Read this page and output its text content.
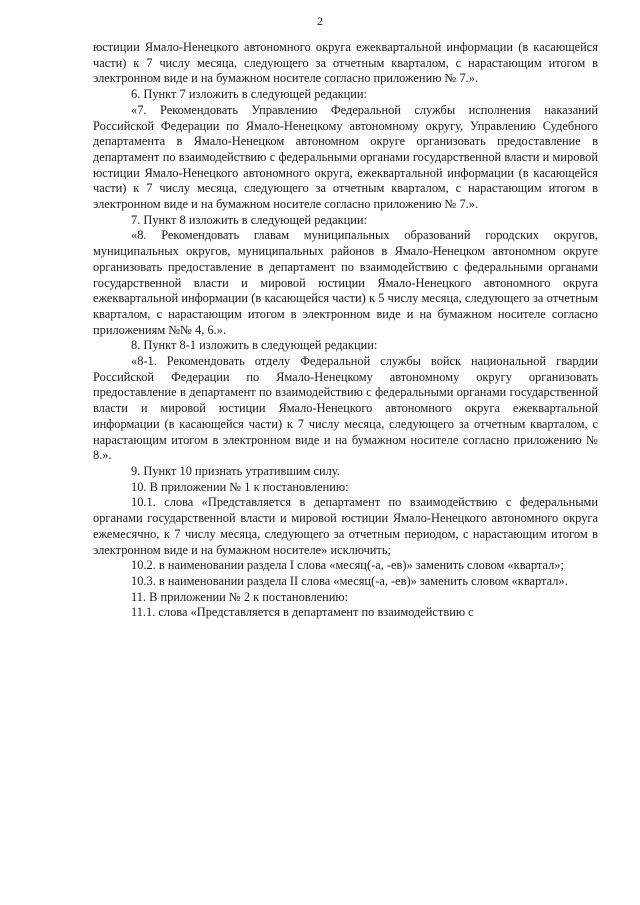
2

юстиции Ямало-Ненецкого автономного округа ежеквартальной информации (в касающейся части) к 7 числу месяца, следующего за отчетным кварталом, с нарастающим итогом в электронном виде и на бумажном носителе согласно приложению № 7.».

6. Пункт 7 изложить в следующей редакции:

«7. Рекомендовать Управлению Федеральной службы исполнения наказаний Российской Федерации по Ямало-Ненецкому автономному округу, Управлению Судебного департамента в Ямало-Ненецком автономном округе организовать предоставление в департамент по взаимодействию с федеральными органами государственной власти и мировой юстиции Ямало-Ненецкого автономного округа, ежеквартальной информации (в касающейся части) к 7 числу месяца, следующего за отчетным кварталом, с нарастающим итогом в электронном виде и на бумажном носителе согласно приложению № 7.».

7. Пункт 8 изложить в следующей редакции:

«8. Рекомендовать главам муниципальных образований городских округов, муниципальных округов, муниципальных районов в Ямало-Ненецком автономном округе организовать предоставление в департамент по взаимодействию с федеральными органами государственной власти и мировой юстиции Ямало-Ненецкого автономного округа ежеквартальной информации (в касающейся части) к 5 числу месяца, следующего за отчетным кварталом, с нарастающим итогом в электронном виде и на бумажном носителе согласно приложениям №№ 4, 6.».

8. Пункт 8-1 изложить в следующей редакции:

«8-1. Рекомендовать отделу Федеральной службы войск национальной гвардии Российской Федерации по Ямало-Ненецкому автономному округу организовать предоставление в департамент по взаимодействию с федеральными органами государственной власти и мировой юстиции Ямало-Ненецкого автономного округа ежеквартальной информации (в касающейся части) к 7 числу месяца, следующего за отчетным кварталом, с нарастающим итогом в электронном виде и на бумажном носителе согласно приложению № 8.».

9. Пункт 10 признать утратившим силу.

10. В приложении № 1 к постановлению:

10.1. слова «Представляется в департамент по взаимодействию с федеральными органами государственной власти и мировой юстиции Ямало-Ненецкого автономного округа ежемесячно, к 7 числу месяца, следующего за отчетным периодом, с нарастающим итогом в электронном виде и на бумажном носителе» исключить;

10.2. в наименовании раздела I слова «месяц(-а, -ев)» заменить словом «квартал»;

10.3. в наименовании раздела II слова «месяц(-а, -ев)» заменить словом «квартал».

11. В приложении № 2 к постановлению:

11.1. слова «Представляется в департамент по взаимодействию с
